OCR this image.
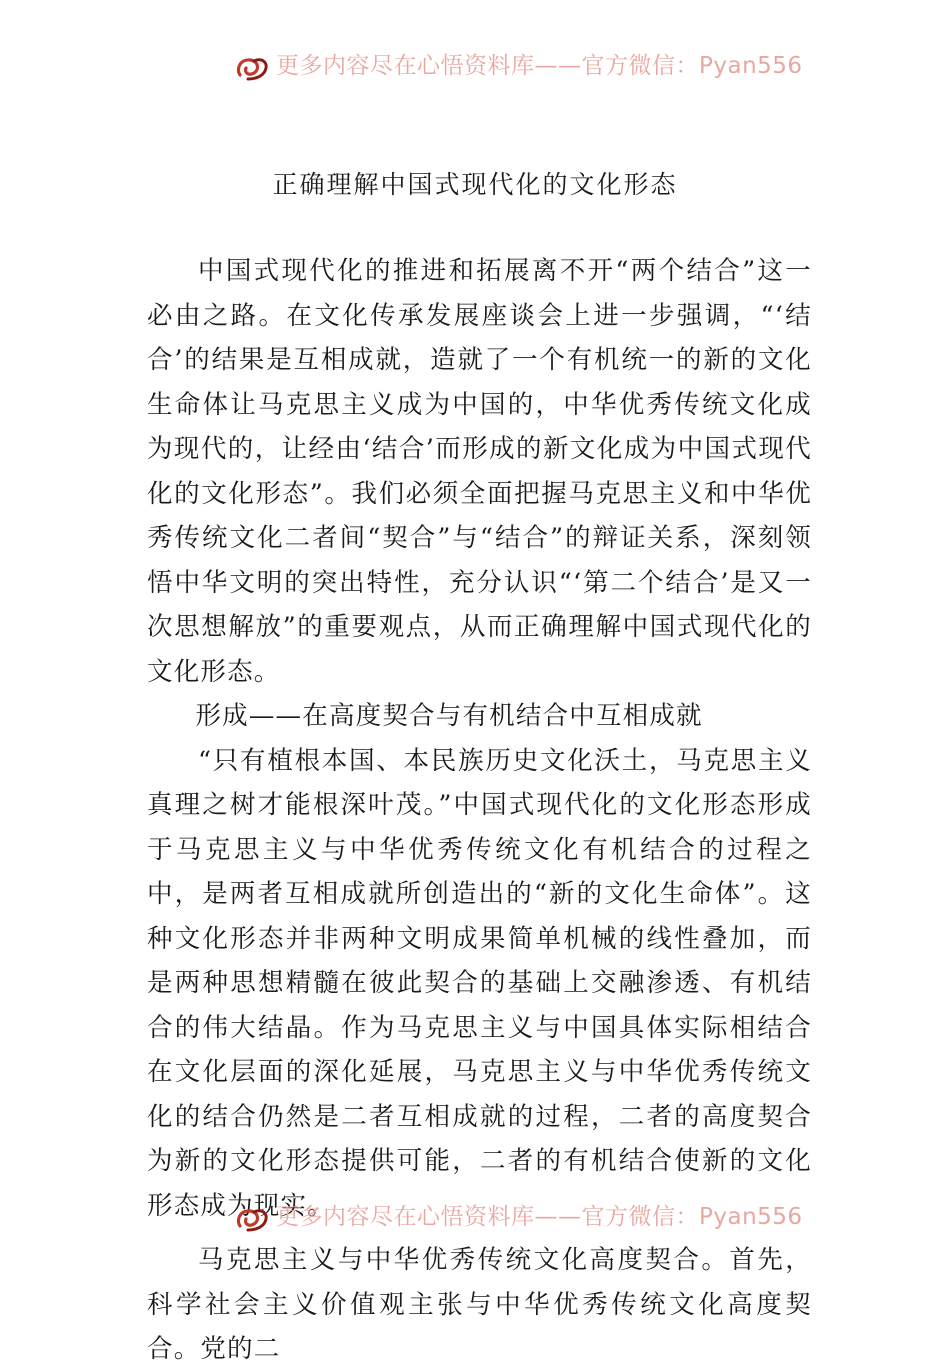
更多内容尽在心悟资料库——官方微信：Pyan556
正确理解中国式现代化的文化形态

中国式现代化的推进和拓展离不开“两个结合”这一必由之路。在文化传承发展座谈会上进一步强调，“‘结合’的结果是互相成就，造就了一个有机统一的新的文化生命体让马克思主义成为中国的，中华优秀传统文化成为现代的，让经由‘结合’而形成的新文化成为中国式现代化的文化形态”。我们必须全面把握马克思主义和中华优秀传统文化二者间“契合”与“结合”的辩证关系，深刻领悟中华文明的突出特性，充分认识“‘第二个结合’是又一次思想解放”的重要观点，从而正确理解中国式现代化的文化形态。

形成——在高度契合与有机结合中互相成就

“只有植根本国、本民族历史文化沃土，马克思主义真理之树才能根深叶茂。”中国式现代化的文化形态形成于马克思主义与中华优秀传统文化有机结合的过程之中，是两者互相成就所创造出的“新的文化生命体”。这种文化形态并非两种文明成果简单机械的线性叠加，而是两种思想精髓在彼此契合的基础上交融渗透、有机结合的伟大结晶。作为马克思主义与中国具体实际相结合在文化层面的深化延展，马克思主义与中华优秀传统文化的结合仍然是二者互相成就的过程，二者的高度契合为新的文化形态提供可能，二者的有机结合使新的文化形态成为现实。

马克思主义与中华优秀传统文化高度契合。首先，科学社会主义价值观主张与中华优秀传统文化高度契合。党的二

更多内容尽在心悟资料库——官方微信：Pyan556
